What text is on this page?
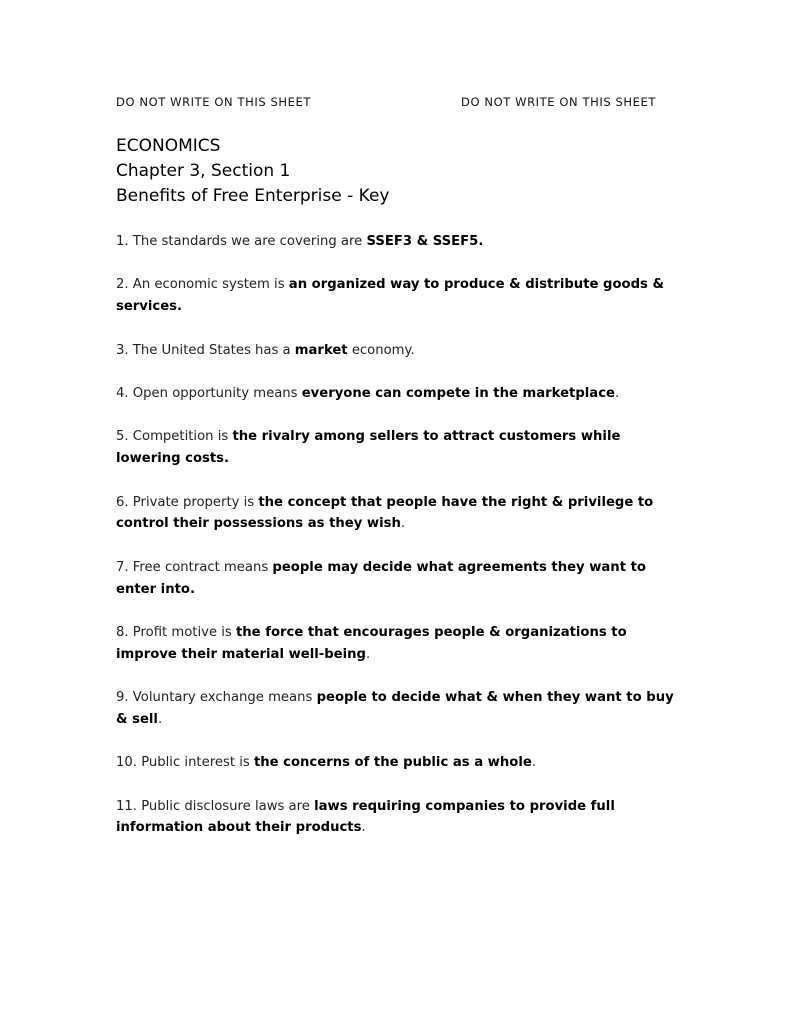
DO NOT WRITE ON THIS SHEET	DO NOT WRITE ON THIS SHEET
ECONOMICS
Chapter 3, Section 1
Benefits of Free Enterprise - Key
1. The standards we are covering are SSEF3 & SSEF5.
2. An economic system is an organized way to produce & distribute goods & services.
3. The United States has a market economy.
4. Open opportunity means everyone can compete in the marketplace.
5. Competition is the rivalry among sellers to attract customers while lowering costs.
6. Private property is the concept that people have the right & privilege to control their possessions as they wish.
7. Free contract means people may decide what agreements they want to enter into.
8. Profit motive is the force that encourages people & organizations to improve their material well-being.
9. Voluntary exchange means people to decide what & when they want to buy & sell.
10. Public interest is the concerns of the public as a whole.
11. Public disclosure laws are laws requiring companies to provide full information about their products.
